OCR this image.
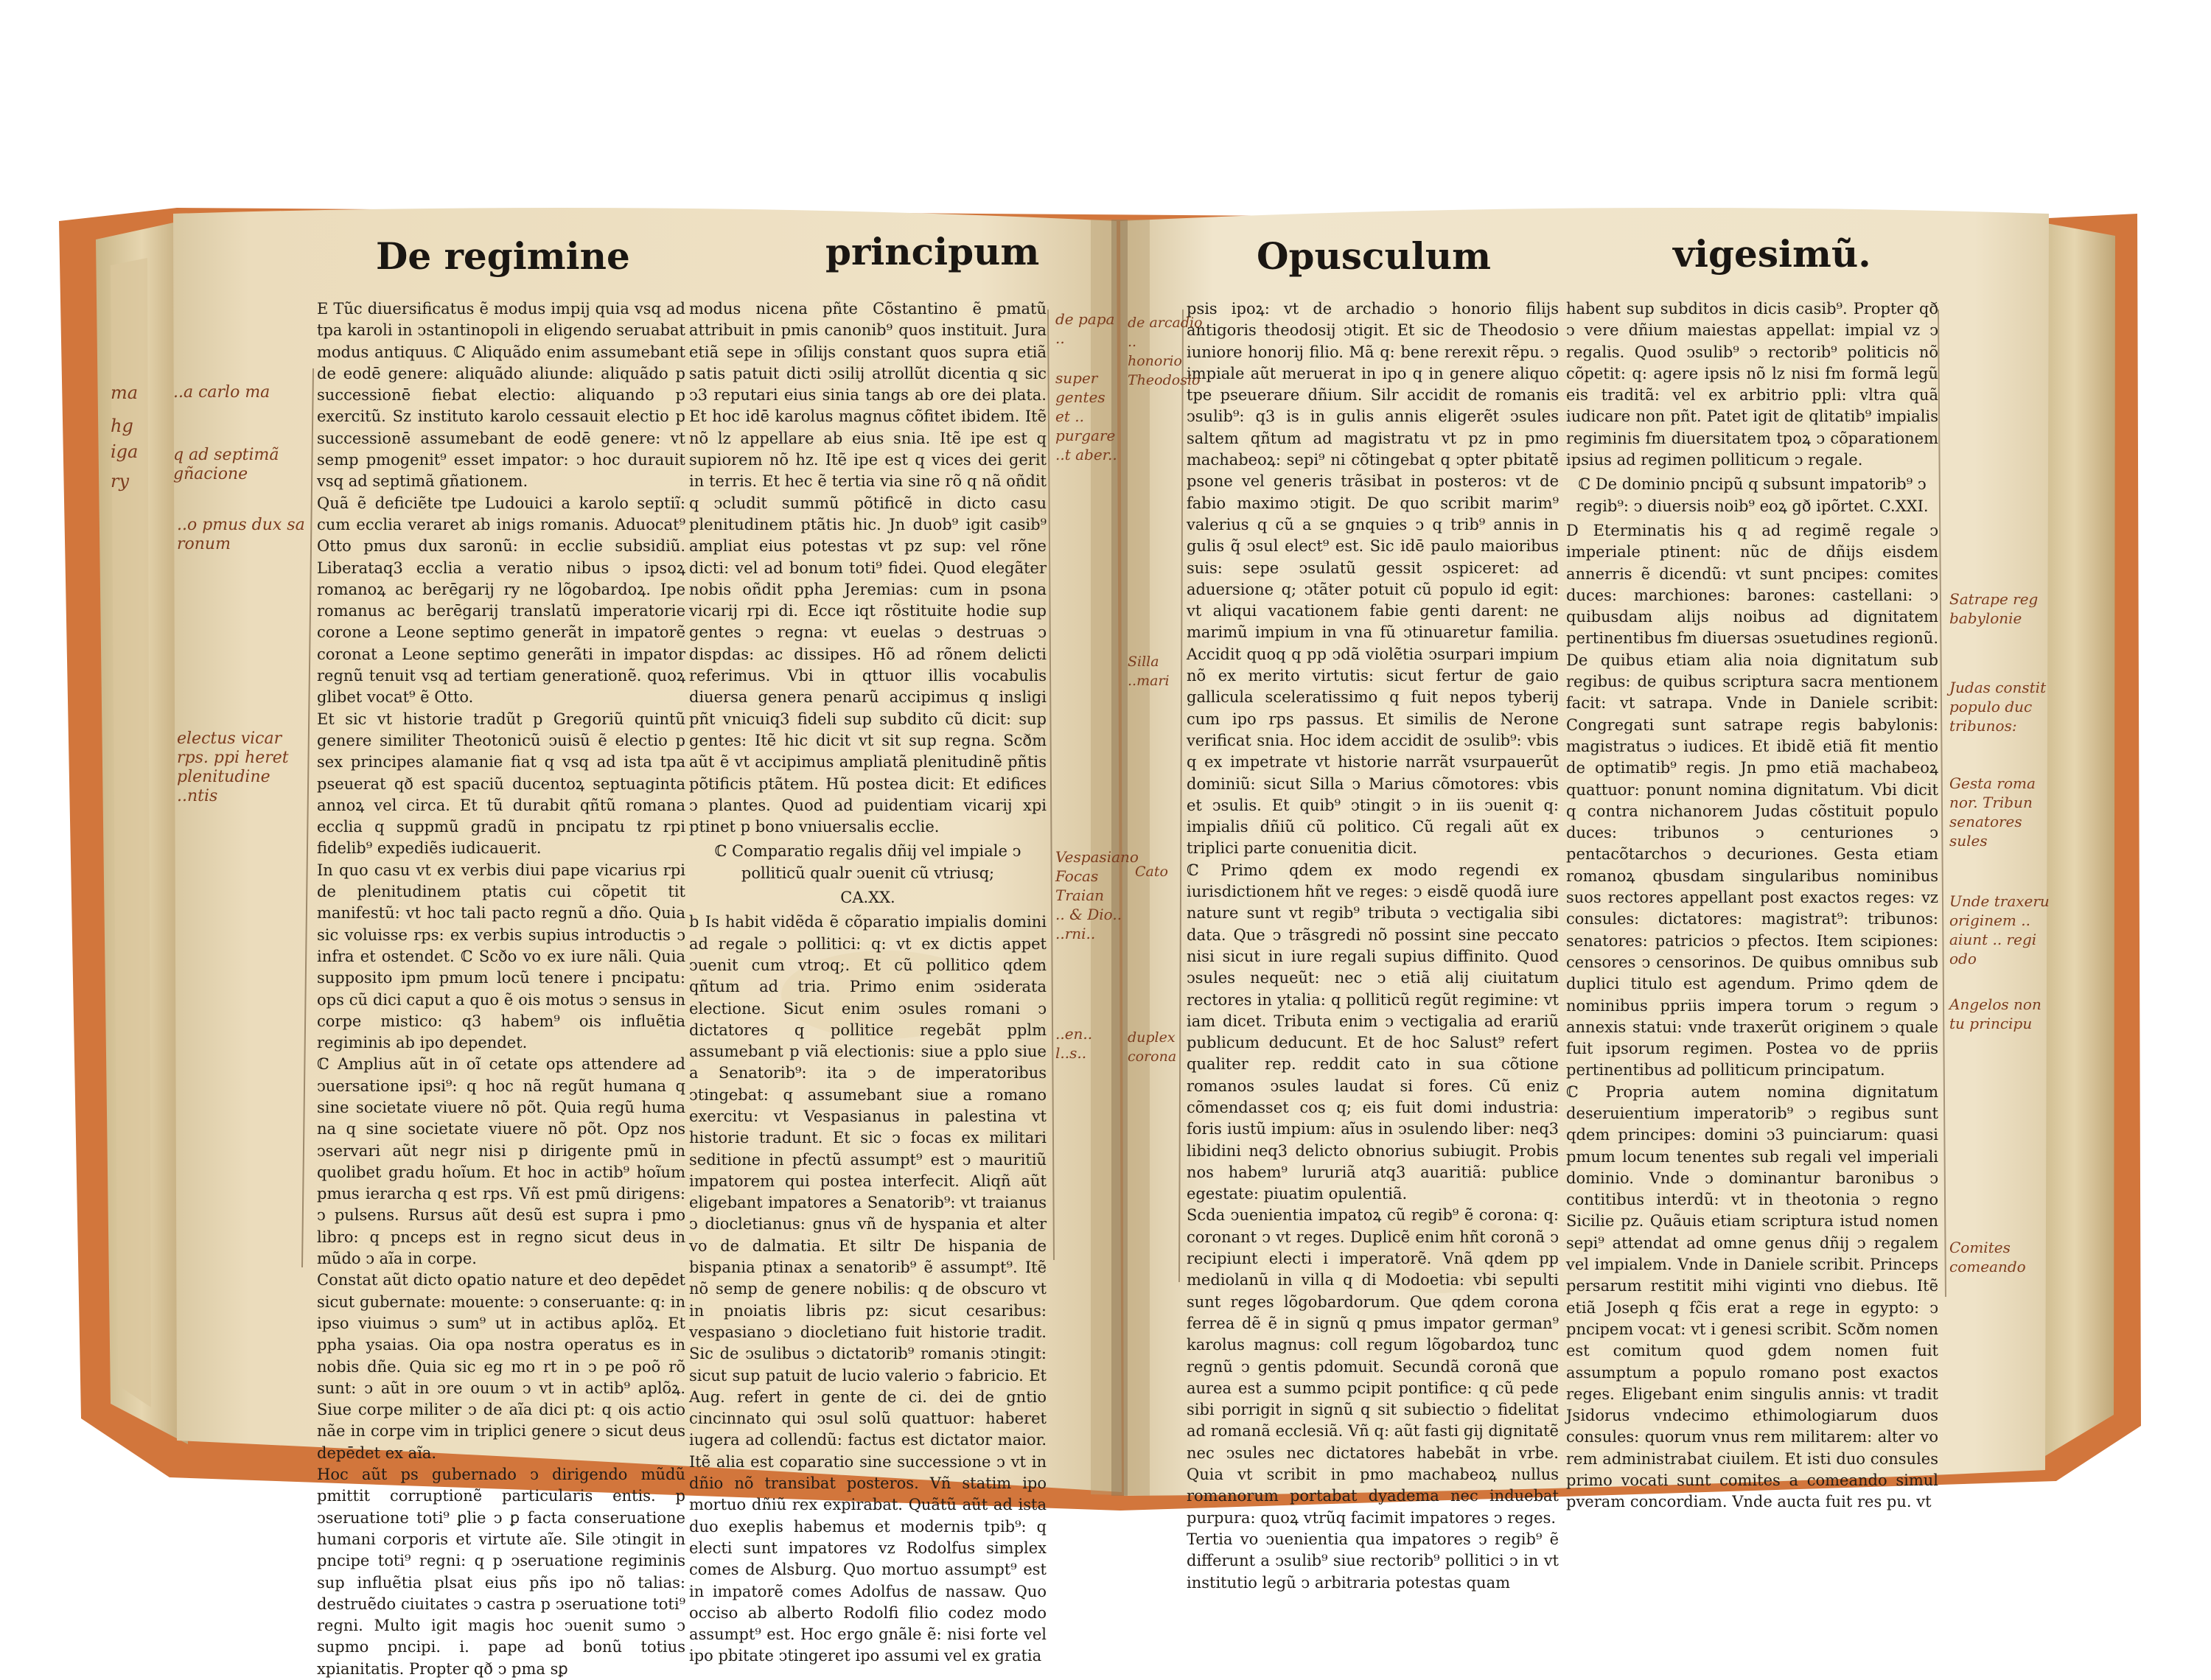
De regimine	principum	Opusculum	vigesimũ.

E Tũc diuersificatus ẽ modus impij quia vsq ad tpa karoli in ↄstantinopoli in eligendo seruabat modus antiquus. ℂ Aliquãdo enim assumebant de eodē genere: aliquãdo aliunde: aliquãdo p successionē fiebat electio: aliquando p exercitũ. Sz instituto karolo cessauit electio p successionē assumebant de eodē genere: vt semp pmogenit⁹ esset impator: ↄ hoc durauit vsq ad septimã gñationem.

Quã ẽ deficiẽte tpe Ludouici a karolo septiĩ: cum ecclia veraret ab inigs romanis. Aduocat⁹ Otto pmus dux saronũ: in ecclie subsidiũ. Liberataq3 ecclia a veratio nibus ↄ ipsoꝝ romanoꝝ ac berēgarij ry ne lõgobardoꝝ. Ipe romanus ac berēgarij translatũ imperatorie corone a Leone septimo generãt in impatorẽ coronat a Leone septimo generãti in impator regnũ tenuit vsq ad tertiam generationẽ. quoꝝ glibet vocat⁹ ẽ Otto.

Et sic vt historie tradũt p Gregoriũ quintũ genere similiter Theotonicũ ↄuisũ ẽ electio p sex principes alamanie fiat q vsq ad ista tpa pseuerat qð est spaciũ ducentoꝝ septuaginta annoꝝ vel circa. Et tũ durabit qñtũ romana ecclia q suppmũ gradũ in pncipatu tz rpi fidelib⁹ expediẽs iudicauerit.

In quo casu vt ex verbis diui pape vicarius rpi de plenitudinem ptatis cui cõpetit tit manifestũ: vt hoc tali pacto regnũ a dño. Quia sic voluisse rps: ex verbis supius introductis ↄ infra et ostendet. ℂ Scðo vo ex iure nãli. Quia supposito ipm pmum locũ tenere i pncipatu: ops cũ dici caput a quo ẽ ois motus ↄ sensus in corpe mistico: q3 habem⁹ ois influẽtia regiminis ab ipo dependet.

ℂ Amplius aũt in oĩ cetate ops attendere ad ↄuersatione ipsi⁹: q hoc nã regũt humana q sine societate viuere nõ põt. Quia regũ huma na q sine societate viuere nõ põt. Opz nos ↄservari aũt negr nisi p dirigente pmũ in quolibet gradu hoĩum. Et hoc in actib⁹ hoĩum pmus ierarcha q est rps. Vñ est pmũ dirigens: ↄ pulsens. Rursus aũt desũ est supra i pmo libro: q pnceps est in regno sicut deus in mũdo ↄ aĩa in corpe.

Constat aũt dicto oꝑatio nature et deo depēdet sicut gubernate: mouente: ↄ conseruante: q: in ipso viuimus ↄ sum⁹ ut in actibus aplõꝝ. Et ppha ysaias. Oia opa nostra operatus es in nobis dñe. Quia sic eg mo rt in ↄ pe poõ rõ sunt: ↄ aũt in ↄre ouum ↄ vt in actib⁹ aplõꝝ. Siue corpe militer ↄ de aĩa dici pt: q ois actio nãe in corpe vim in triplici genere ↄ sicut deus depēdet ex aĩa.

Hoc aũt ps gubernado ↄ dirigendo mũdũ pmittit corruptionẽ particularis entis. p ↄseruatione toti⁹ ꝑlie ↄ ꝑ facta conseruatione humani corporis et virtute aĩe. Sile ↄtingit in pncipe toti⁹ regni: q p ↄseruatione regiminis sup influẽtia plsat eius pñs ipo nõ talias: destruẽdo ciuitates ↄ castra p ↄseruatione toti⁹ regni. Multo igit magis hoc ↄuenit sumo ↄ supmo pncipi. i. pape ad bonũ totius xpianitatis. Propter qð ↄ pma sꝑ

modus nicena pñte Cõstantino ẽ pmatũ attribuit in pmis canonib⁹ quos instituit. Jura etiã sepe in ↄſilijs constant quos supra etiã satis patuit dicti ↄsilij atrollũt dicentia q sic ↄ3 reputari eius sinia tangs ab ore dei plata. Et hoc idē karolus magnus cõfitet ibidem. Itẽ nõ lz appellare ab eius snia. Itẽ ipe est q supiorem nõ hz. Itẽ ipe est q vices dei gerit in terris. Et hec ẽ tertia via sine rõ q nã oñdit q ↄcludit summũ põtificẽ in dicto casu plenitudinem ptãtis hic. Jn duob⁹ igit casib⁹ ampliat eius potestas vt pz sup: vel rõne dicti: vel ad bonum toti⁹ fidei. Quod elegãter nobis oñdit ppha Jeremias: cum in psona vicarij rpi di. Ecce iqt rõstituite hodie sup gentes ↄ regna: vt euelas ↄ destruas ↄ dispdas: ac dissipes. Hõ ad rõnem delicti referimus. Vbi in qttuor illis vocabulis diuersa genera penarũ accipimus q insligi pñt vnicuiq3 fideli sup subdito cũ dicit: sup gentes: Itẽ hic dicit vt sit sup regna. Scðm aũt ẽ vt accipimus ampliatã plenitudinẽ pñtis põtificis ptãtem. Hũ postea dicit: Et edifices ↄ plantes. Quod ad puidentiam vicarij xpi ptinet p bono vniuersalis ecclie.

ℂ Comparatio regalis dñij vel impiale ↄ polliticũ qualr ↄuenit cũ vtriusq;

CA.XX.

b Is habit vidẽda ẽ cõparatio impialis domini ad regale ↄ pollitici: q: vt ex dictis appet ↄuenit cum vtroq;. Et cũ pollitico qdem qñtum ad tria. Primo enim ↄsiderata electione. Sicut enim ↄsules romani ↄ dictatores q pollitice regebãt pplm assumebant p viã electionis: siue a pplo siue a Senatorib⁹: ita ↄ de imperatoribus ↄtingebat: q assumebant siue a romano exercitu: vt Vespasianus in palestina vt historie tradunt. Et sic ↄ focas ex militari seditione in pfectũ assumpt⁹ est ↄ mauritiũ impatorem qui postea interfecit. Aliqñ aũt eligebant impatores a Senatorib⁹: vt traianus ↄ diocletianus: gnus vñ de hyspania et alter vo de dalmatia. Et siltr De hispania de bispania ptinax a senatorib⁹ ẽ assumpt⁹. Itẽ nõ semp de genere nobilis: q de obscuro vt in pnoiatis libris pz: sicut cesaribus: vespasiano ↄ diocletiano fuit historie tradit. Sic de ↄsulibus ↄ dictatorib⁹ romanis ↄtingit: sicut sup patuit de lucio valerio ↄ fabricio. Et Aug. refert in gente de ci. dei de gntio cincinnato qui ↄsul solũ quattuor: haberet iugera ad collendũ: factus est dictator maior. Itẽ alia est coparatio sine successione ↄ vt in dñio nõ transibat posteros. Vñ statim ipo mortuo dñiũ rex expirabat. Quãtũ aũt ad ista duo exeplis habemus et modernis tpib⁹: q electi sunt impatores vz Rodolfus simplex comes de Alsburg. Quo mortuo assumpt⁹ est in impatorẽ comes Adolfus de nassaw. Quo occiso ab alberto Rodolfi filio codez modo assumpt⁹ est. Hoc ergo gnãle ẽ: nisi forte vel ipo pbitate ↄtingeret ipo assumi vel ex gratia

psis ipoꝝ: vt de archadio ↄ honorio filijs antigoris theodosij ↄtigit. Et sic de Theodosio iuniore honorij filio. Mã q: bene rerexit rẽpu. ↄ impiale aũt meruerat in ipo q in genere aliquo tpe pseuerare dñium. Silr accidit de romanis ↄsulib⁹: q3 is in gulis annis eligerẽt ↄsules saltem qñtum ad magistratu vt pz in pmo machabeoꝝ: sepi⁹ ni cõtingebat q ↄpter pbitatẽ psone vel generis trãsibat in posteros: vt de fabio maximo ↄtigit. De quo scribit marim⁹ valerius q cũ a se gnquies ↄ q trib⁹ annis in gulis q̃ ↄsul elect⁹ est. Sic idē paulo maioribus suis: sepe ↄsulatũ gessit ↄspiceret: ad aduersione q; ↄtãter potuit cũ populo id egit: vt aliqui vacationem fabie genti darent: ne marimũ impium in vna fũ ↄtinuaretur familia. Accidit quoq q pp ↄdã violẽtia ↄsurpari impium nõ ex merito virtutis: sicut fertur de gaio gallicula sceleratissimo q fuit nepos tyberij cum ipo rps passus. Et similis de Nerone verificat snia. Hoc idem accidit de ↄsulib⁹: vbis q ex impetrate vt historie narrãt vsurpauerũt dominiũ: sicut Silla ↄ Marius cõmotores: vbis et ↄsulis. Et quib⁹ ↄtingit ↄ in iis ↄuenit q: impialis dñiũ cũ politico. Cũ regali aũt ex triplici parte conuenitia dicit.

ℂ Primo qdem ex modo regendi ex iurisdictionem hñt ve reges: ↄ eisdẽ quodã iure nature sunt vt regib⁹ tributa ↄ vectigalia sibi data. Que ↄ trãsgredi nõ possint sine peccato nisi sicut in iure regali supius diffinito. Quod ↄsules nequeũt: nec ↄ etiã alij ciuitatum rectores in ytalia: q polliticũ regũt regimine: vt iam dicet. Tributa enim ↄ vectigalia ad erariũ publicum deducunt. Et de hoc Salust⁹ refert qualiter rep. reddit cato in sua cõtione romanos ↄsules laudat si fores. Cũ eniz cõmendasset cos q; eis fuit domi industria: foris iustũ impium: aĩus in ↄsulendo liber: neq3 libidini neq3 delicto obnorius subiugit. Probis nos habem⁹ lururiã atq3 auaritiã: publice egestate: piuatim opulentiã.

Scda ↄuenientia impatoꝝ cũ regib⁹ ẽ corona: q: coronant ↄ vt reges. Duplicẽ enim hñt coronã ↄ recipiunt electi i imperatorẽ. Vnã qdem pp mediolanũ in villa q di Modoetia: vbi sepulti sunt reges lõgobardorum. Que qdem corona ferrea dẽ ẽ in signũ q pmus impator german⁹ karolus magnus: coll regum lõgobardoꝝ tunc regnũ ↄ gentis pdomuit. Secundã coronã que aurea est a summo pcipit pontifice: q cũ pede sibi porrigit in signũ q sit subiectio ↄ fidelitat ad romanã ecclesiã. Vñ q: aũt fasti gij dignitatẽ nec ↄsules nec dictatores habebãt in vrbe. Quia vt scribit in pmo machabeoꝝ nullus romanorum portabat dyadema nec induebat purpura: quoꝝ vtrũq facimit impatores ↄ reges.

Tertia vo ↄuenientia qua impatores ↄ regib⁹ ẽ differunt a ↄsulib⁹ siue rectorib⁹ pollitici ↄ in vt institutio legũ ↄ arbitraria potestas quam

habent sup subditos in dicis casib⁹. Propter qð ↄ vere dñium maiestas appellat: impial vz ↄ regalis. Quod ↄsulib⁹ ↄ rectorib⁹ politicis nõ cõpetit: q: agere ipsis nõ lz nisi fm formã legũ eis traditã: vel ex arbitrio ppli: vltra quã iudicare non pñt. Patet igit de qlitatib⁹ impialis regiminis fm diuersitatem tpoꝝ ↄ cõparationem ipsius ad regimen polliticum ↄ regale.

ℂ De dominio pncipũ q subsunt impatorib⁹ ↄ regib⁹: ↄ diuersis noib⁹ eoꝝ gð ipõrtet. C.XXI.

D Eterminatis his q ad regimẽ regale ↄ imperiale ptinent: nũc de dñijs eisdem annerris ẽ dicendũ: vt sunt pncipes: comites duces: marchiones: barones: castellani: ↄ quibusdam alijs noibus ad dignitatem pertinentibus fm diuersas ↄsuetudines regionũ. De quibus etiam alia noia dignitatum sub regibus: de quibus scriptura sacra mentionem facit: vt satrapa. Vnde in Daniele scribit: Congregati sunt satrape regis babylonis: magistratus ↄ iudices. Et ibidẽ etiã fit mentio de optimatib⁹ regis. Jn pmo etiã machabeoꝝ quattuor: ponunt nomina dignitatum. Vbi dicit q contra nichanorem Judas cõstituit populo duces: tribunos ↄ centuriones ↄ pentacõtarchos ↄ decuriones. Gesta etiam romanoꝝ qbusdam singularibus nominibus suos rectores appellant post exactos reges: vz consules: dictatores: magistrat⁹: tribunos: senatores: patricios ↄ pfectos. Item scipiones: censores ↄ censorinos. De quibus omnibus sub duplici titulo est agendum. Primo qdem de nominibus ppriis impera torum ↄ regum ↄ annexis statui: vnde traxerũt originem ↄ quale fuit ipsorum regimen. Postea vo de ppriis pertinentibus ad polliticum principatum.

ℂ Propria autem nomina dignitatum deseruientium imperatorib⁹ ↄ regibus sunt qdem principes: domini ↄ3 puinciarum: quasi pmum locum tenentes sub regali vel imperiali dominio. Vnde ↄ dominantur baronibus ↄ contitibus interdũ: vt in theotonia ↄ regno Sicilie pz. Quãuis etiam scriptura istud nomen sepi⁹ attendat ad omne genus dñij ↄ regalem vel impialem. Vnde in Daniele scribit. Princeps persarum restitit mihi viginti vno diebus. Itẽ etiã Joseph q fc̃is erat a rege in egypto: ↄ pncipem vocat: vt i genesi scribit. Scðm nomen est comitum quod gdem nomen fuit assumptum a populo romano post exactos reges. Eligebant enim singulis annis: vt tradit Jsidorus vndecimo ethimologiarum duos consules: quorum vnus rem militarem: alter vo rem administrabat ciuilem. Et isti duo consules primo vocati sunt comites a comeando simul pveram concordiam. Vnde aucta fuit res pu. vt

ma
hg
iga
ry
..a carlo ma
q ad septimã
gñacione
..o pmus dux sa
ronum
electus vicar
rps. ppi heret
plenitudine
..ntis
de papa
..
super
gentes
et ..
purgare
..t aber..
Vespasiano
Focas
Traian
.. & Dio..
..rni..
..en..
l..s..
de arcadio
..
honorio
Theodosio
Silla
..mari
Cato
duplex
corona
Satrape reg
babylonie
Judas constit
populo duc
tribunos:
Gesta roma
nor. Tribun
senatores
sules
Unde traxeru
originem ..
aiunt .. regi
odo
Angelos non
tu principu
Comites
comeando
